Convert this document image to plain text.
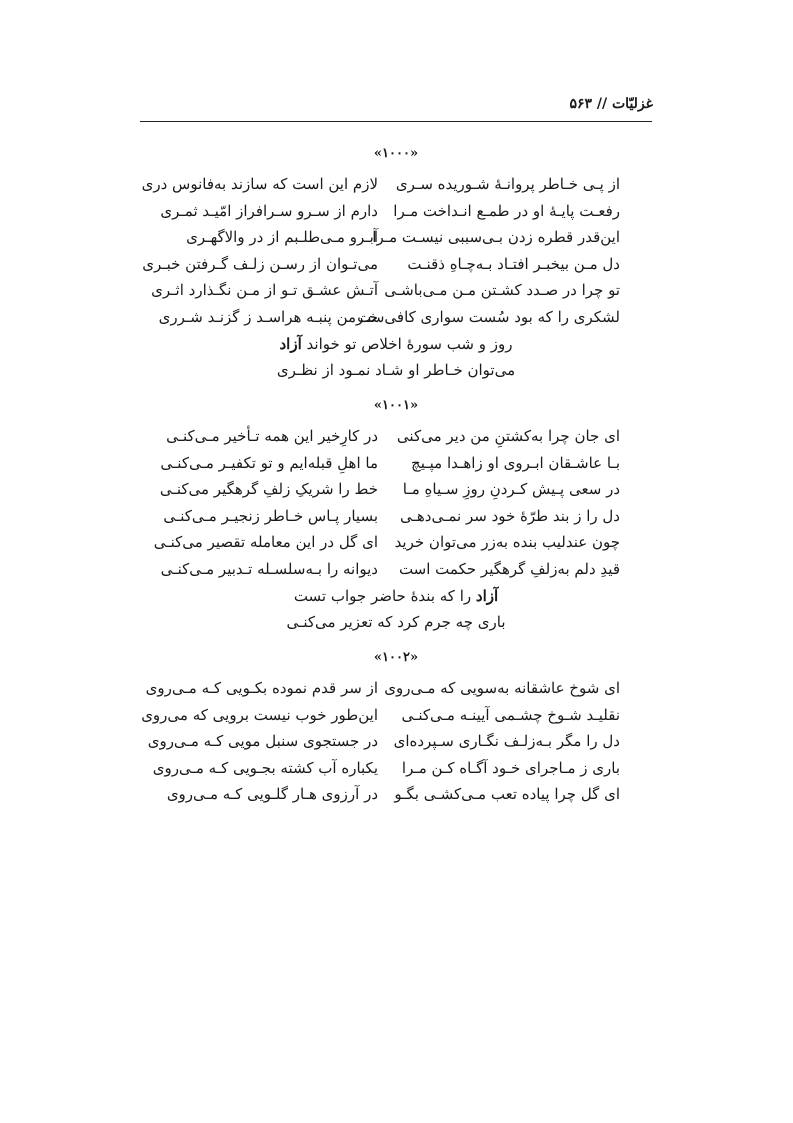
غزلیّات // ۵۶۳
«۱۰۰۰»
از پـی خـاطر پروانـهٔ شـوریده سـری
لازم این است که سازند به‌فانوس دری
رفعـت پایـهٔ او در طمـع انـداخت مـرا
دارم از سـرو سـرافراز امّیـد ثمـری
این‌قدر قطره زدن بـی‌سببی نیسـت مـرا
آبـرو مـی‌طلـبم از در والاگهـری
دل مـن بیخبـر افتـاد بـه‌چـاهِ ذقنـت
می‌تـوان از رسـن زلـف گـرفتن خبـری
تو چرا در صـدد کشـتن مـن مـی‌باشـی
آتـش عشـق تـو از مـن نگـذارد اثـری
لشکری را که بود سُست سواری کافی‌ست
خـرمن پنبـه هراسـد ز گزنـد شـرری
روز و شب سورهٔ اخلاص تو خواند آزاد
می‌توان خـاطر او شـاد نمـود از نظـری
«۱۰۰۱»
ای جان چرا به‌کشتنِ من دیر می‌کنی
در کارِخیر این همه تـأخیر مـی‌کنـی
بـا عاشـقان ابـروی او زاهـدا مپـیچ
ما اهلِ قبله‌ایم و تو تکفیـر مـی‌کنـی
در سعی پـیش کـردنِ روزِ سـیاهِ مـا
خط را شریکِ زلفِ گرهگیر می‌کنـی
دل را ز بند طرّهٔ خود سر نمـی‌دهـی
بسیار پـاس خـاطر زنجیـر مـی‌کنـی
چون عندلیب بنده به‌زر می‌توان خرید
ای گل در این معامله تقصیر می‌کنـی
قیدِ دلم به‌زلفِ گرهگیر حکمت است
دیوانه را بـه‌سلسـله تـدبیر مـی‌کنـی
آزاد را که بندهٔ حاضر جواب تست
باری چه جرم کرد که تعزیر می‌کنـی
«۱۰۰۲»
ای شوخ عاشقانه به‌سویی که مـی‌روی
از سر قدم نموده بکـویی کـه مـی‌روی
نقلیـد شـوخ چشـمی آیینـه مـی‌کنـی
این‌طور خوب نیست برویی که می‌روی
دل را مگر بـه‌زلـف نگـاری سـپرده‌ای
در جستجوی سنبل مویی کـه مـی‌روی
باری ز مـاجرای خـود آگـاه کـن مـرا
یکباره آب کشته بجـویی کـه مـی‌روی
ای گل چرا پیاده تعب مـی‌کشـی بگـو
در آرزوی هـار گلـویی کـه مـی‌روی
